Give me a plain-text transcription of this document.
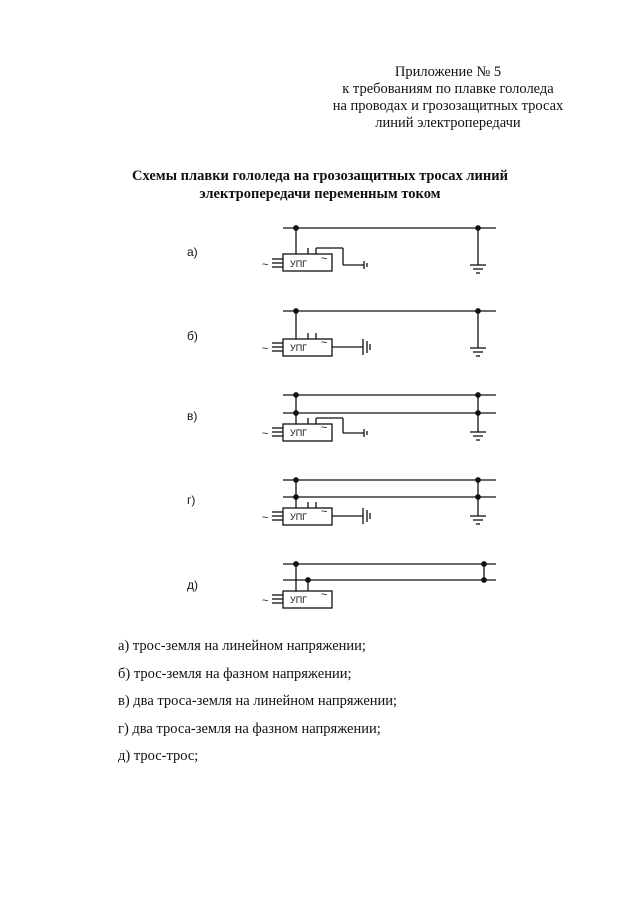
Приложение № 5
к требованиям по плавке гололеда
на проводах и грозозащитных тросах
линий электропередачи
Схемы плавки гололеда на грозозащитных тросах линий
электропередачи переменным током
а)
б)
в)
г)
д)
УПГ ~
~
УПГ ~
~
УПГ ~
~
УПГ ~
~
УПГ ~
~
а) трос-земля на линейном напряжении;
б) трос-земля на фазном напряжении;
в) два троса-земля на линейном напряжении;
г) два троса-земля на фазном напряжении;
д) трос-трос;
